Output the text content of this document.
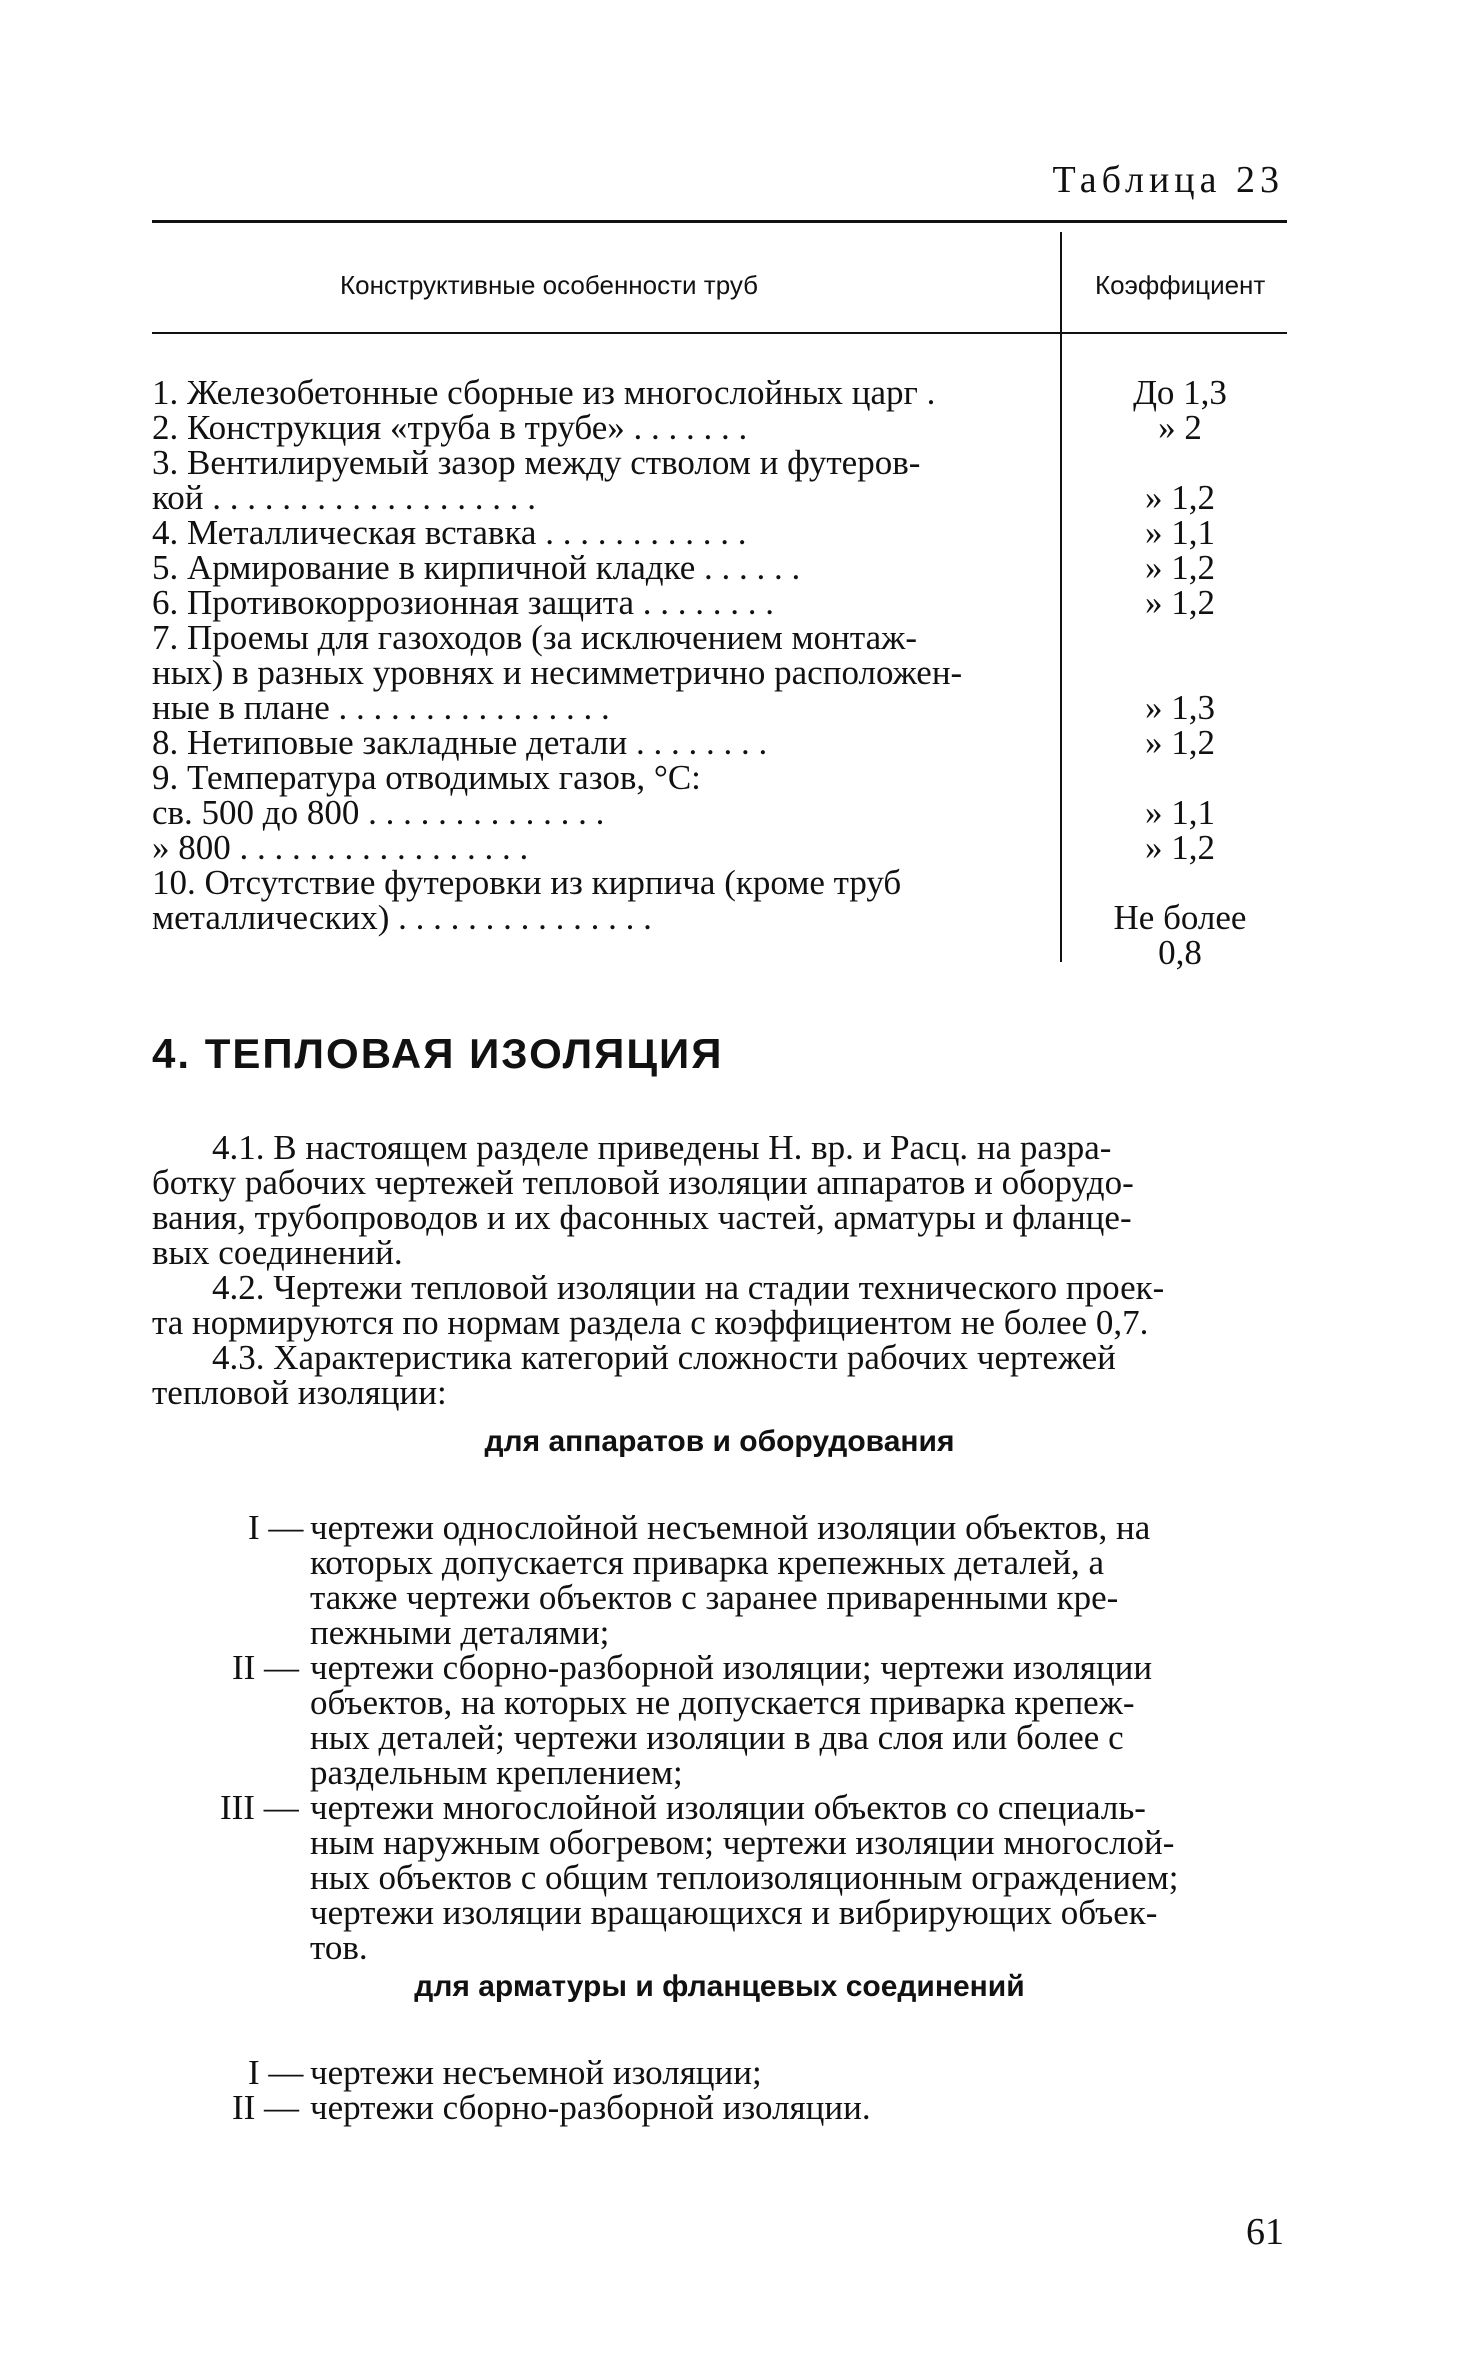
Таблица 23
Конструктивные особенности труб	Коэффициент
1. Железобетонные сборные из многослойных царг .	До 1,3
2. Конструкция «труба в трубе» . . . . . . .	» 2
3. Вентилируемый зазор между стволом и футеров-
кой . . . . . . . . . . . . . . . . . . .	» 1,2
4. Металлическая вставка . . . . . . . . . . . .	» 1,1
5. Армирование в кирпичной кладке . . . . . .	» 1,2
6. Противокоррозионная защита . . . . . . . .	» 1,2
7. Проемы для газоходов (за исключением монтаж-
ных) в разных уровнях и несимметрично расположен-
ные в плане . . . . . . . . . . . . . . . .	» 1,3
8. Нетиповые закладные детали . . . . . . . .	» 1,2
9. Температура отводимых газов, °С:
св. 500 до 800 . . . . . . . . . . . . . .	» 1,1
» 800 . . . . . . . . . . . . . . . . .	» 1,2
10. Отсутствие футеровки из кирпича (кроме труб
металлических) . . . . . . . . . . . . . . .	Не более
0,8
4. ТЕПЛОВАЯ ИЗОЛЯЦИЯ
4.1. В настоящем разделе приведены Н. вр. и Расц. на разра-
ботку рабочих чертежей тепловой изоляции аппаратов и оборудо-
вания, трубопроводов и их фасонных частей, арматуры и фланце-
вых соединений.
4.2. Чертежи тепловой изоляции на стадии технического проек-
та нормируются по нормам раздела с коэффициентом не более 0,7.
4.3. Характеристика категорий сложности рабочих чертежей
тепловой изоляции:
для аппаратов и оборудования
I — чертежи однослойной несъемной изоляции объектов, на
которых допускается приварка крепежных деталей, а
также чертежи объектов с заранее приваренными кре-
пежными деталями;
II — чертежи сборно-разборной изоляции; чертежи изоляции
объектов, на которых не допускается приварка крепеж-
ных деталей; чертежи изоляции в два слоя или более с
раздельным креплением;
III — чертежи многослойной изоляции объектов со специаль-
ным наружным обогревом; чертежи изоляции многослой-
ных объектов с общим теплоизоляционным ограждением;
чертежи изоляции вращающихся и вибрирующих объек-
тов.
для арматуры и фланцевых соединений
I — чертежи несъемной изоляции;
II — чертежи сборно-разборной изоляции.
61
